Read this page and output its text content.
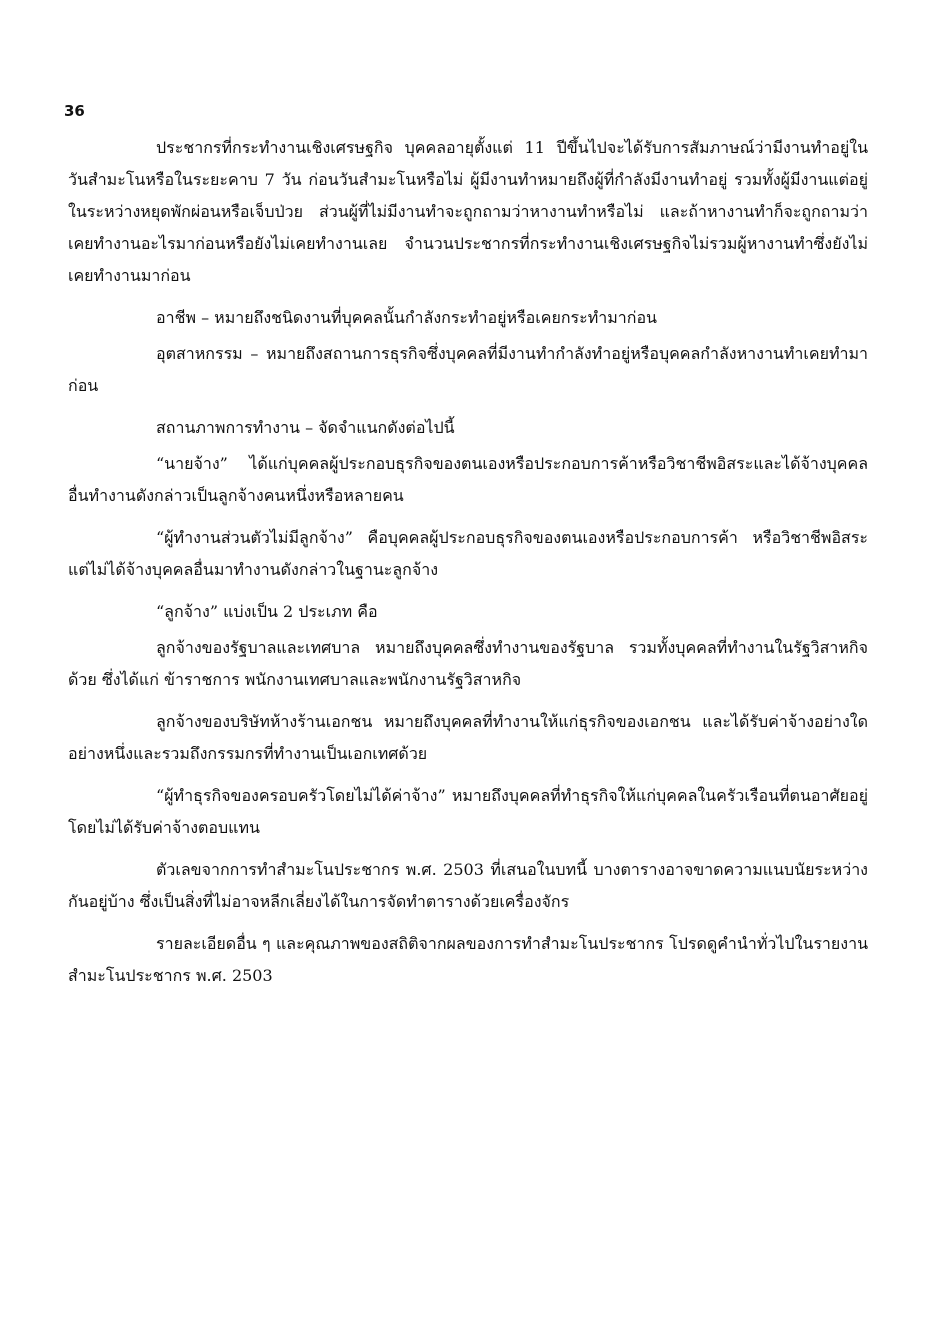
36

ประชากรที่กระทำงานเชิงเศรษฐกิจ บุคคลอายุตั้งแต่ 11 ปีขึ้นไปจะได้รับการสัมภาษณ์ว่ามีงานทำอยู่ในวันสำมะโนหรือในระยะคาบ 7 วัน ก่อนวันสำมะโนหรือไม่ ผู้มีงานทำหมายถึงผู้ที่กำลังมีงานทำอยู่ รวมทั้งผู้มีงานแต่อยู่ในระหว่างหยุดพักผ่อนหรือเจ็บป่วย ส่วนผู้ที่ไม่มีงานทำจะถูกถามว่าหางานทำหรือไม่ และถ้าหางานทำก็จะถูกถามว่า เคยทำงานอะไรมาก่อนหรือยังไม่เคยทำงานเลย จำนวนประชากรที่กระทำงานเชิงเศรษฐกิจไม่รวมผู้หางานทำซึ่งยังไม่เคยทำงานมาก่อน

อาชีพ – หมายถึงชนิดงานที่บุคคลนั้นกำลังกระทำอยู่หรือเคยกระทำมาก่อน

อุตสาหกรรม – หมายถึงสถานการธุรกิจซึ่งบุคคลที่มีงานทำกำลังทำอยู่หรือบุคคลกำลังหางานทำเคยทำมาก่อน

สถานภาพการทำงาน – จัดจำแนกดังต่อไปนี้

“นายจ้าง” ได้แก่บุคคลผู้ประกอบธุรกิจของตนเองหรือประกอบการค้าหรือวิชาชีพอิสระและได้จ้างบุคคลอื่นทำงานดังกล่าวเป็นลูกจ้างคนหนึ่งหรือหลายคน

“ผู้ทำงานส่วนตัวไม่มีลูกจ้าง” คือบุคคลผู้ประกอบธุรกิจของตนเองหรือประกอบการค้า หรือวิชาชีพอิสระ แต่ไม่ได้จ้างบุคคลอื่นมาทำงานดังกล่าวในฐานะลูกจ้าง

“ลูกจ้าง” แบ่งเป็น 2 ประเภท คือ

ลูกจ้างของรัฐบาลและเทศบาล หมายถึงบุคคลซึ่งทำงานของรัฐบาล รวมทั้งบุคคลที่ทำงานในรัฐวิสาหกิจด้วย ซึ่งได้แก่ ข้าราชการ พนักงานเทศบาลและพนักงานรัฐวิสาหกิจ

ลูกจ้างของบริษัทห้างร้านเอกชน หมายถึงบุคคลที่ทำงานให้แก่ธุรกิจของเอกชน และได้รับค่าจ้างอย่างใดอย่างหนึ่งและรวมถึงกรรมกรที่ทำงานเป็นเอกเทศด้วย

“ผู้ทำธุรกิจของครอบครัวโดยไม่ได้ค่าจ้าง” หมายถึงบุคคลที่ทำธุรกิจให้แก่บุคคลในครัวเรือนที่ตนอาศัยอยู่โดยไม่ได้รับค่าจ้างตอบแทน

ตัวเลขจากการทำสำมะโนประชากร พ.ศ. 2503 ที่เสนอในบทนี้ บางตารางอาจขาดความแนบนัยระหว่างกันอยู่บ้าง ซึ่งเป็นสิ่งที่ไม่อาจหลีกเลี่ยงได้ในการจัดทำตารางด้วยเครื่องจักร

รายละเอียดอื่น ๆ และคุณภาพของสถิติจากผลของการทำสำมะโนประชากร โปรดดูคำนำทั่วไปในรายงานสำมะโนประชากร พ.ศ. 2503
